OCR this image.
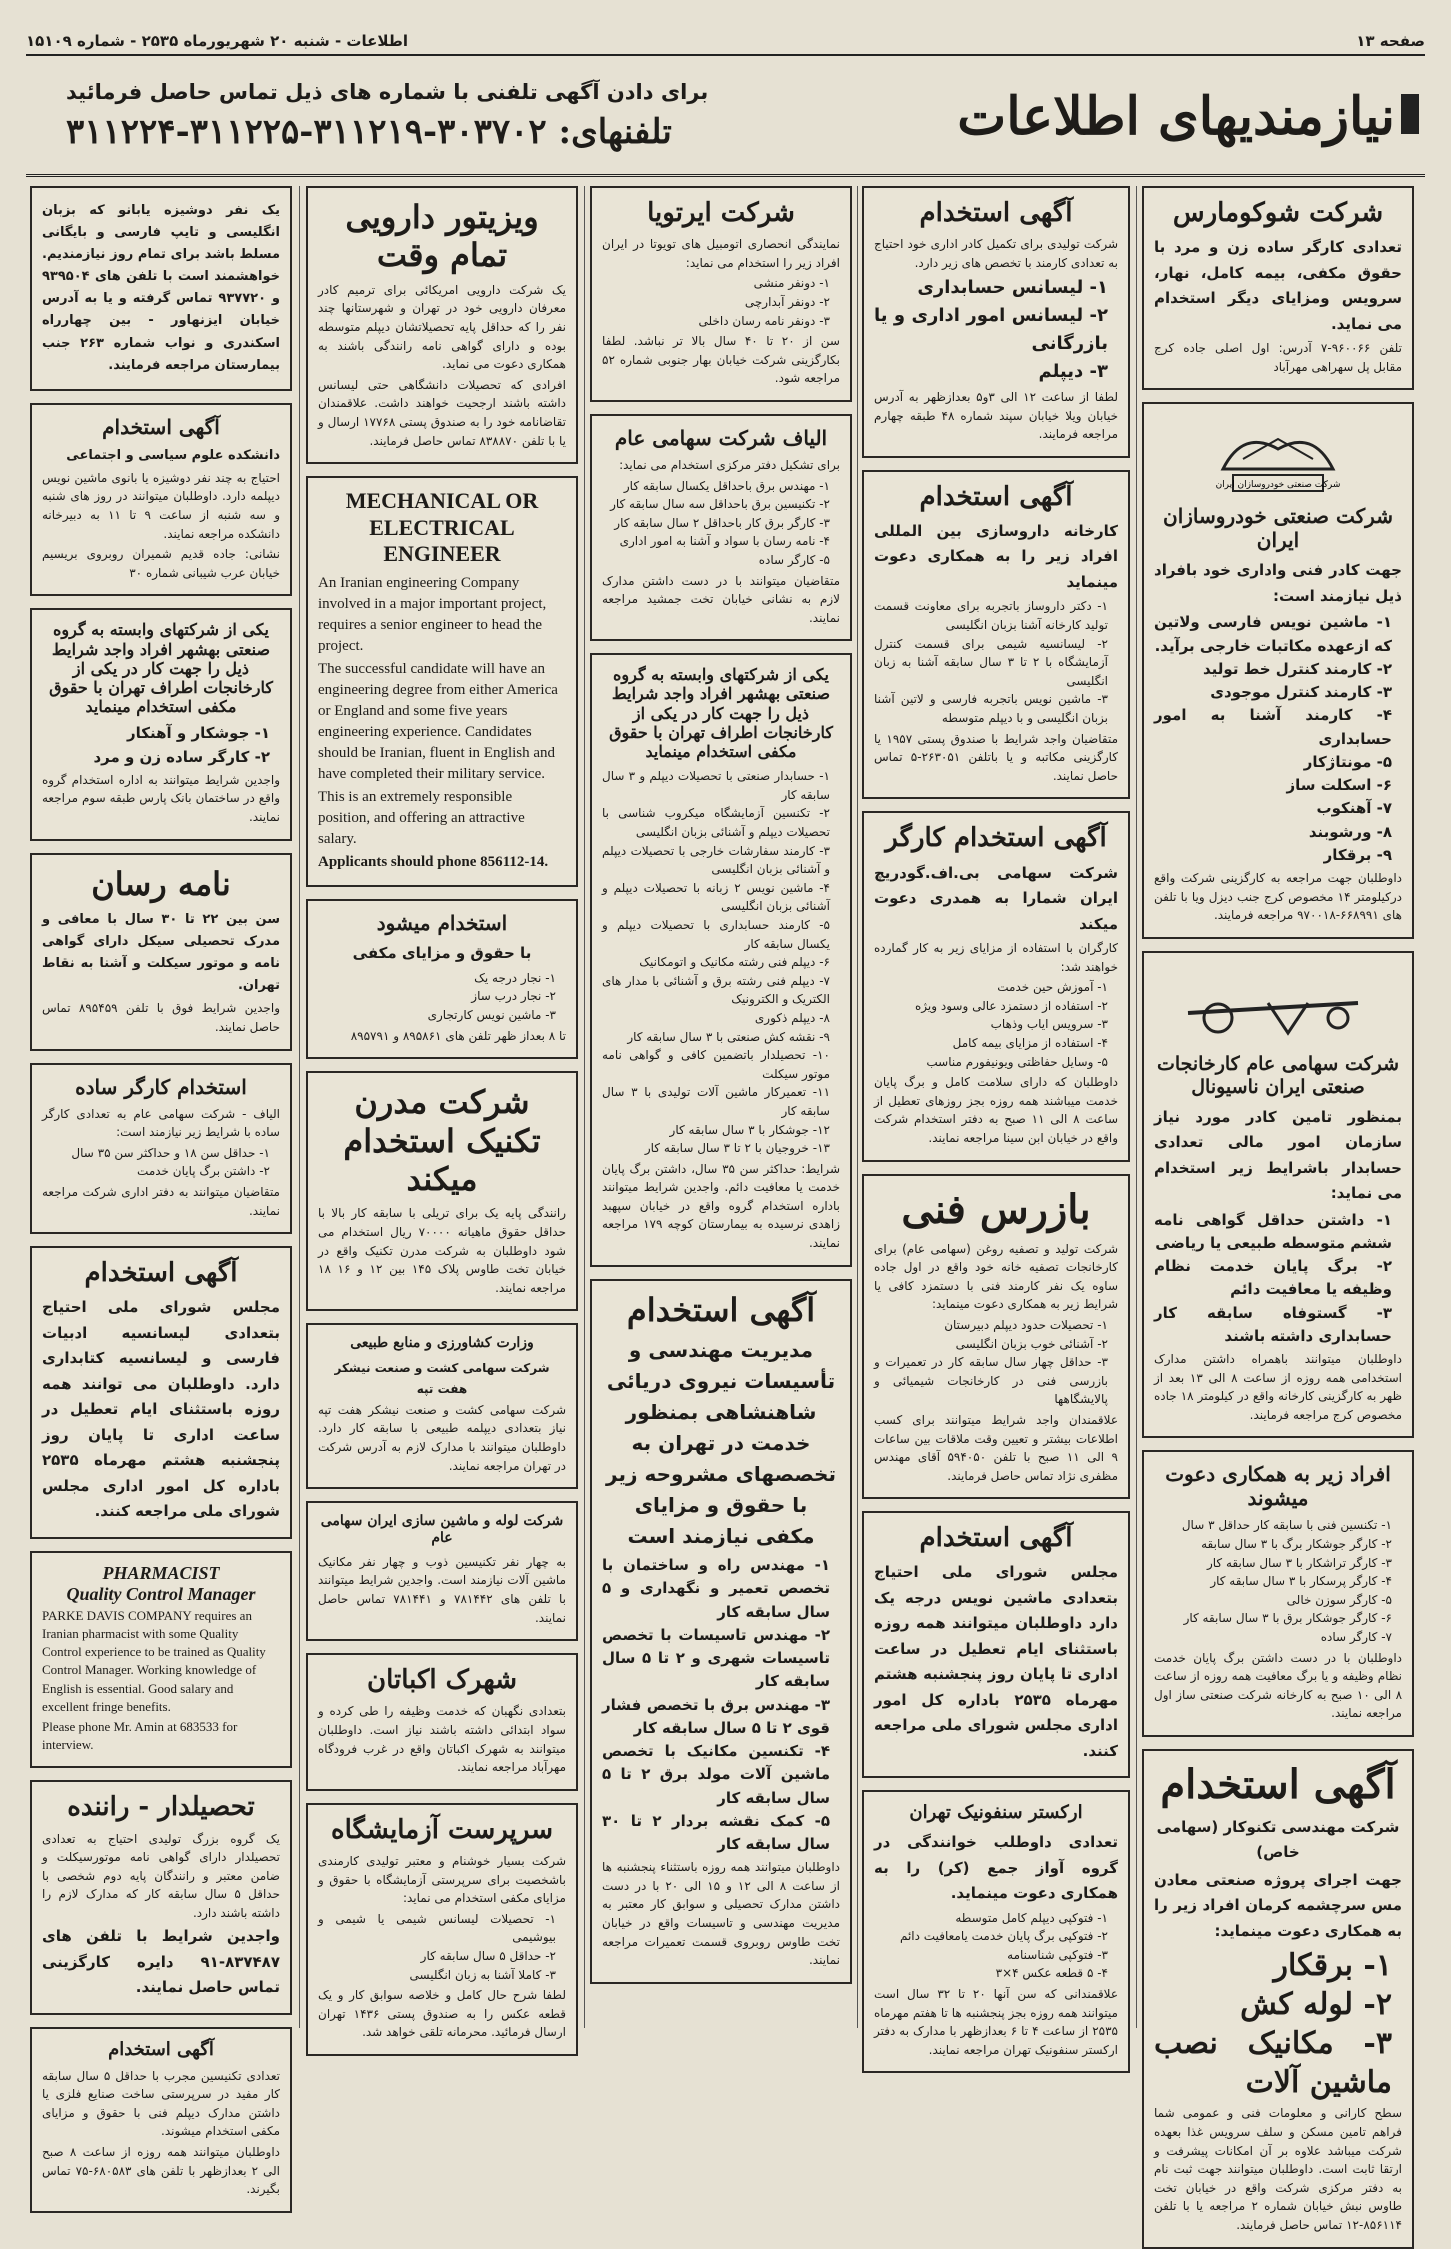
صفحه ۱۳
اطلاعات - شنبه ۲۰ شهریورماه ۲۵۳۵ - شماره ۱۵۱۰۹
نیازمندیهای اطلاعات
برای دادن آگهی تلفنی با شماره های ذیل تماس حاصل فرمائید
تلفنهای: ۳۰۳۷۰۲-۳۱۱۲۱۹-۳۱۱۲۲۵-۳۱۱۲۲۴
شرکت شوکومارس

تعدادی کارگر ساده زن و مرد با حقوق مکفی، بیمه کامل، نهار، سرویس ومزایای دیگر استخدام می نماید.

تلفن ۹۶۰۰۶۶-۷ آدرس: اول اصلی جاده کرج مقابل پل سهراهی مهرآباد

شرکت صنعتی خودروسازان ایران
شرکت صنعتی خودروسازان ایران

جهت کادر فنی واداری خود بافراد ذیل نیازمند است:

۱- ماشین نویس فارسی ولاتین که ازعهده مکاتبات خارجی برآید.
۲- کارمند کنترل خط تولید
۳- کارمند کنترل موجودی
۴- کارمند آشنا به امور حسابداری
۵- مونتاژکار
۶- اسکلت ساز
۷- آهنکوب
۸- ورشوبند
۹- برقکار

داوطلبان جهت مراجعه به کارگزینی شرکت واقع درکیلومتر ۱۴ مخصوص کرج جنب دیزل ویا با تلفن های ۶۶۸۹۹۱-۹۷۰۰۱۸ مراجعه فرمایند.

شرکت سهامی عام کارخانجات صنعتی ایران ناسیونال

بمنظور تامین کادر مورد نیاز سازمان امور مالی تعدادی حسابدار باشرایط زیر استخدام می نماید:

۱- داشتن حداقل گواهی نامه ششم متوسطه طبیعی یا ریاضی
۲- برگ پایان خدمت نظام وظیفه یا معافیت دائم
۳- گستوفاه سابقه کار حسابداری داشته باشند

داوطلبان میتوانند باهمراه داشتن مدارک استخدامی همه روزه از ساعت ۸ الی ۱۳ بعد از ظهر به کارگزینی کارخانه واقع در کیلومتر ۱۸ جاده مخصوص کرج مراجعه فرمایند.

افراد زیر به همکاری دعوت میشوند
۱- تکنسین فنی با سابقه کار حداقل ۳ سال
۲- کارگر جوشکار برگ با ۳ سال سابقه
۳- کارگر تراشکار با ۳ سال سابقه کار
۴- کارگر پرسکار با ۳ سال سابقه کار
۵- کارگر سوزن خالی
۶- کارگر جوشکار برق با ۳ سال سابقه کار
۷- کارگر ساده

داوطلبان با در دست داشتن برگ پایان خدمت نظام وظیفه و یا برگ معافیت همه روزه از ساعت ۸ الی ۱۰ صبح به کارخانه شرکت صنعتی ساز اول مراجعه نمایند.

آگهی استخدام

شرکت مهندسی تکنوکار (سهامی خاص)

جهت اجرای پروژه صنعتی معادن مس سرچشمه کرمان افراد زیر را به همکاری دعوت مینماید:

۱- برقکار
۲- لوله کش
۳- مکانیک نصب ماشین آلات

سطح کارانی و معلومات فنی و عمومی شما فراهم تامین مسکن و سلف سرویس غذا بعهده شرکت میباشد علاوه بر آن امکانات پیشرفت و ارتقا ثابت است. داوطلبان میتوانند جهت ثبت نام به دفتر مرکزی شرکت واقع در خیابان تخت طاوس نبش خیابان شماره ۲ مراجعه یا با تلفن ۸۵۶۱۱۴-۱۲ تماس حاصل فرمایند.

آگهی استخدام

شرکت تولیدی برای تکمیل کادر اداری خود احتیاج به تعدادی کارمند با تخصص های زیر دارد.

۱- لیسانس حسابداری
۲- لیسانس امور اداری و یا بازرگانی
۳- دیپلم

لطفا از ساعت ۱۲ الی ۳و۵ بعدازظهر به آدرس خیابان ویلا خیابان سپند شماره ۴۸ طبقه چهارم مراجعه فرمایند.

آگهی استخدام

کارخانه داروسازی بین المللی افراد زیر را به همکاری دعوت مینماید

۱- دکتر داروساز باتجربه برای معاونت قسمت تولید کارخانه آشنا بزبان انگلیسی
۲- لیسانسیه شیمی برای قسمت کنترل آزمایشگاه با ۲ تا ۳ سال سابقه آشنا به زبان انگلیسی
۳- ماشین نویس باتجربه فارسی و لاتین آشنا بزبان انگلیسی و با دیپلم متوسطه

متقاضیان واجد شرایط با صندوق پستی ۱۹۵۷ یا کارگزینی مکاتبه و یا باتلفن ۲۶۳۰۵۱-۵ تماس حاصل نمایند.

آگهی استخدام کارگر

شرکت سهامی بی.اف.گودریچ ایران شمارا به همدری دعوت میکند

کارگران با استفاده از مزایای زیر به کار گمارده خواهند شد:

۱- آموزش حین خدمت
۲- استفاده از دستمزد عالی وسود ویژه
۳- سرویس ایاب وذهاب
۴- استفاده از مزایای بیمه کامل
۵- وسایل حفاظتی ویونیفورم مناسب

داوطلبان که دارای سلامت کامل و برگ پایان خدمت میباشند همه روزه بجز روزهای تعطیل از ساعت ۸ الی ۱۱ صبح به دفتر استخدام شرکت واقع در خیابان ابن سینا مراجعه نمایند.

بازرس فنی

شرکت تولید و تصفیه روغن (سهامی عام) برای کارخانجات تصفیه خانه خود واقع در اول جاده ساوه یک نفر کارمند فنی با دستمزد کافی یا شرایط زیر به همکاری دعوت مینماید:

۱- تحصیلات حدود دیپلم دبیرستان
۲- آشنائی خوب بزبان انگلیسی
۳- حداقل چهار سال سابقه کار در تعمیرات و بازرسی فنی در کارخانجات شیمیائی و پالایشگاهها

علاقمندان واجد شرایط میتوانند برای کسب اطلاعات بیشتر و تعیین وقت ملاقات بین ساعات ۹ الی ۱۱ صبح با تلفن ۵۹۴۰۵۰ آقای مهندس مظفری نژاد تماس حاصل فرمایند.

آگهی استخدام

مجلس شورای ملی احتیاج بتعدادی ماشین نویس درجه یک دارد داوطلبان میتوانند همه روزه باستثنای ایام تعطیل در ساعت اداری تا پایان روز پنجشنبه هشتم مهرماه ۲۵۳۵ باداره کل امور اداری مجلس شورای ملی مراجعه کنند.

ارکستر سنفونیک تهران

تعدادی داوطلب خوانندگی در گروه آواز جمع (کر) را به همکاری دعوت مینماید.

۱- فتوکپی دیپلم کامل متوسطه
۲- فتوکپی برگ پایان خدمت یامعافیت دائم
۳- فتوکپی شناسنامه
۴- ۵ قطعه عکس ۴×۳

علاقمندانی که سن آنها ۲۰ تا ۳۲ سال است میتوانند همه روزه بجز پنجشنبه ها تا هفتم مهرماه ۲۵۳۵ از ساعت ۴ تا ۶ بعدازظهر با مدارک به دفتر ارکستر سنفونیک تهران مراجعه نمایند.

شرکت ایرتویا

نمایندگی انحصاری اتومبیل های تویوتا در ایران افراد زیر را استخدام می نماید:

۱- دونفر منشی
۲- دونفر آبدارچی
۳- دونفر نامه رسان داخلی

سن از ۲۰ تا ۴۰ سال بالا تر نباشد. لطفا بکارگزینی شرکت خیابان بهار جنوبی شماره ۵۲ مراجعه شود.

الیاف شرکت سهامی عام

برای تشکیل دفتر مرکزی استخدام می نماید:

۱- مهندس برق باحداقل یکسال سابقه کار
۲- تکنیسین برق باحداقل سه سال سابقه کار
۳- کارگر برق کار باحداقل ۲ سال سابقه کار
۴- نامه رسان با سواد و آشنا به امور اداری
۵- کارگر ساده

متقاضیان میتوانند با در دست داشتن مدارک لازم به نشانی خیابان تخت جمشید مراجعه نمایند.

یکی از شرکتهای وابسته به گروه صنعتی بهشهر افراد واجد شرایط ذیل را جهت کار در یکی از کارخانجات اطراف تهران با حقوق مکفی استخدام مینماید
۱- حسابدار صنعتی با تحصیلات دیپلم و ۳ سال سابقه کار
۲- تکنسین آزمایشگاه میکروب شناسی با تحصیلات دیپلم و آشنائی بزبان انگلیسی
۳- کارمند سفارشات خارجی با تحصیلات دیپلم و آشنائی بزبان انگلیسی
۴- ماشین نویس ۲ زبانه با تحصیلات دیپلم و آشنائی بزبان انگلیسی
۵- کارمند حسابداری با تحصیلات دیپلم و یکسال سابقه کار
۶- دیپلم فنی رشته مکانیک و اتومکانیک
۷- دیپلم فنی رشته برق و آشنائی با مدار های الکتریک و الکترونیک
۸- دیپلم ذکوری
۹- نقشه کش صنعتی با ۳ سال سابقه کار
۱۰- تحصیلدار باتضمین کافی و گواهی نامه موتور سیکلت
۱۱- تعمیرکار ماشین آلات تولیدی با ۳ سال سابقه کار
۱۲- جوشکار با ۳ سال سابقه کار
۱۳- خروجیان با ۲ تا ۳ سال سابقه کار

شرایط: حداکثر سن ۳۵ سال، داشتن برگ پایان خدمت یا معافیت دائم. واجدین شرایط میتوانند باداره استخدام گروه واقع در خیابان سپهبد زاهدی نرسیده به بیمارستان کوچه ۱۷۹ مراجعه نمایند.

آگهی استخدام

مدیریت مهندسی و تأسیسات نیروی دریائی شاهنشاهی بمنظور خدمت در تهران به تخصصهای مشروحه زیر با حقوق و مزایای مکفی نیازمند است

۱- مهندس راه و ساختمان با تخصص تعمیر و نگهداری و ۵ سال سابقه کار
۲- مهندس تاسیسات با تخصص تاسیسات شهری و ۲ تا ۵ سال سابقه کار
۳- مهندس برق با تخصص فشار قوی ۲ تا ۵ سال سابقه کار
۴- تکنسین مکانیک با تخصص ماشین آلات مولد برق ۲ تا ۵ سال سابقه کار
۵- کمک نقشه بردار ۲ تا ۳۰ سال سابقه کار

داوطلبان میتوانند همه روزه باستثناء پنجشنبه ها از ساعت ۸ الی ۱۲ و ۱۵ الی ۲۰ با در دست داشتن مدارک تحصیلی و سوابق کار معتبر به مدیریت مهندسی و تاسیسات واقع در خیابان تخت طاوس روبروی قسمت تعمیرات مراجعه نمایند.

ویزیتور دارویی تمام وقت

یک شرکت دارویی امریکائی برای ترمیم کادر معرفان دارویی خود در تهران و شهرستانها چند نفر را که حداقل پایه تحصیلاتشان دیپلم متوسطه بوده و دارای گواهی نامه رانندگی باشند به همکاری دعوت می نماید.

افرادی که تحصیلات دانشگاهی حتی لیسانس داشته باشند ارجحیت خواهند داشت. علاقمندان تقاضانامه خود را به صندوق پستی ۱۷۷۶۸ ارسال و یا با تلفن ۸۳۸۸۷۰ تماس حاصل فرمایند.

MECHANICAL OR ELECTRICAL ENGINEER

An Iranian engineering Company involved in a major important project, requires a senior engineer to head the project.

The successful candidate will have an engineering degree from either America or England and some five years engineering experience. Candidates should be Iranian, fluent in English and have completed their military service.

This is an extremely responsible position, and offering an attractive salary.

Applicants should phone 856112-14.

استخدام میشود

با حقوق و مزایای مکفی

۱- نجار درجه یک
۲- نجار درب ساز
۳- ماشین نویس کارتجاری

تا ۸ بعداز ظهر تلفن های ۸۹۵۸۶۱ و ۸۹۵۷۹۱

شرکت مدرن تکنیک استخدام میکند

رانندگی پایه یک برای تریلی با سابقه کار بالا با حداقل حقوق ماهیانه ۷۰۰۰۰ ریال استخدام می شود داوطلبان به شرکت مدرن تکنیک واقع در خیابان تخت طاوس پلاک ۱۴۵ بین ۱۲ و ۱۶ ۱۸ مراجعه نمایند.

وزارت کشاورزی و منابع طبیعی

شرکت سهامی کشت و صنعت نیشکر هفت تپه

شرکت سهامی کشت و صنعت نیشکر هفت تپه نیاز بتعدادی دیپلمه طبیعی با سابقه کار دارد. داوطلبان میتوانند با مدارک لازم به آدرس شرکت در تهران مراجعه نمایند.

شرکت لوله و ماشین سازی ایران سهامی عام

به چهار نفر تکنیسین ذوب و چهار نفر مکانیک ماشین آلات نیازمند است. واجدین شرایط میتوانند با تلفن های ۷۸۱۴۴۲ و ۷۸۱۴۴۱ تماس حاصل نمایند.

شهرک اکباتان

بتعدادی نگهبان که خدمت وظیفه را طی کرده و سواد ابتدائی داشته باشند نیاز است. داوطلبان میتوانند به شهرک اکباتان واقع در غرب فرودگاه مهرآباد مراجعه نمایند.

سرپرست آزمایشگاه

شرکت بسیار خوشنام و معتبر تولیدی کارمندی باشخصیت برای سرپرستی آزمایشگاه با حقوق و مزایای مکفی استخدام می نماید:

۱- تحصیلات لیسانس شیمی یا شیمی و بیوشیمی
۲- حداقل ۵ سال سابقه کار
۳- کاملا آشنا به زبان انگلیسی

لطفا شرح حال کامل و خلاصه سوابق کار و یک قطعه عکس را به صندوق پستی ۱۴۳۶ تهران ارسال فرمائید. محرمانه تلقی خواهد شد.

یک نفر دوشیزه یابانو که بزبان انگلیسی و تایپ فارسی و بایگانی مسلط باشد برای تمام روز نیازمندیم. خواهشمند است با تلفن های ۹۳۹۵۰۴ و ۹۳۷۷۲۰ تماس گرفته و یا به آدرس خیابان ایزنهاور - بین چهارراه اسکندری و نواب شماره ۲۶۳ جنب بیمارستان مراجعه فرمایند.

آگهی استخدام

دانشکده علوم سیاسی و اجتماعی

احتیاج به چند نفر دوشیزه یا بانوی ماشین نویس دیپلمه دارد. داوطلبان میتوانند در روز های شنبه و سه شنبه از ساعت ۹ تا ۱۱ به دبیرخانه دانشکده مراجعه نمایند.

نشانی: جاده قدیم شمیران روبروی بریسیم خیابان عرب شیبانی شماره ۳۰

یکی از شرکتهای وابسته به گروه صنعتی بهشهر افراد واجد شرایط ذیل را جهت کار در یکی از کارخانجات اطراف تهران با حقوق مکفی استخدام مینماید
۱- جوشکار و آهنکار
۲- کارگر ساده زن و مرد

واجدین شرایط میتوانند به اداره استخدام گروه واقع در ساختمان بانک پارس طبقه سوم مراجعه نمایند.

نامه رسان

سن بین ۲۲ تا ۳۰ سال با معافی و مدرک تحصیلی سیکل دارای گواهی نامه و موتور سیکلت و آشنا به نقاط تهران.

واجدین شرایط فوق با تلفن ۸۹۵۴۵۹ تماس حاصل نمایند.

استخدام کارگر ساده

الیاف - شرکت سهامی عام به تعدادی کارگر ساده با شرایط زیر نیازمند است:

۱- حداقل سن ۱۸ و حداکثر سن ۳۵ سال
۲- داشتن برگ پایان خدمت

متقاضیان میتوانند به دفتر اداری شرکت مراجعه نمایند.

آگهی استخدام

مجلس شورای ملی احتیاج بتعدادی لیسانسیه ادبیات فارسی و لیسانسیه کتابداری دارد. داوطلبان می توانند همه روزه باستثنای ایام تعطیل در ساعت اداری تا پایان روز پنجشنبه هشتم مهرماه ۲۵۳۵ باداره کل امور اداری مجلس شورای ملی مراجعه کنند.

PHARMACIST
Quality Control Manager

PARKE DAVIS COMPANY requires an Iranian pharmacist with some Quality Control experience to be trained as Quality Control Manager. Working knowledge of English is essential. Good salary and excellent fringe benefits.

Please phone Mr. Amin at 683533 for interview.

تحصیلدار - راننده

یک گروه بزرگ تولیدی احتیاج به تعدادی تحصیلدار دارای گواهی نامه موتورسیکلت و ضامن معتبر و رانندگان پایه دوم شخصی با حداقل ۵ سال سابقه کار که مدارک لازم را داشته باشند دارد.

واجدین شرایط با تلفن های ۸۳۷۴۸۷-۹۱ دایره کارگزینی تماس حاصل نمایند.

آگهی استخدام

تعدادی تکنیسین مجرب با حداقل ۵ سال سابقه کار مفید در سرپرستی ساخت صنایع فلزی یا داشتن مدارک دیپلم فنی با حقوق و مزایای مکفی استخدام میشوند.

داوطلبان میتوانند همه روزه از ساعت ۸ صبح الی ۲ بعدازظهر با تلفن های ۶۸۰۵۸۳-۷۵ تماس بگیرند.
